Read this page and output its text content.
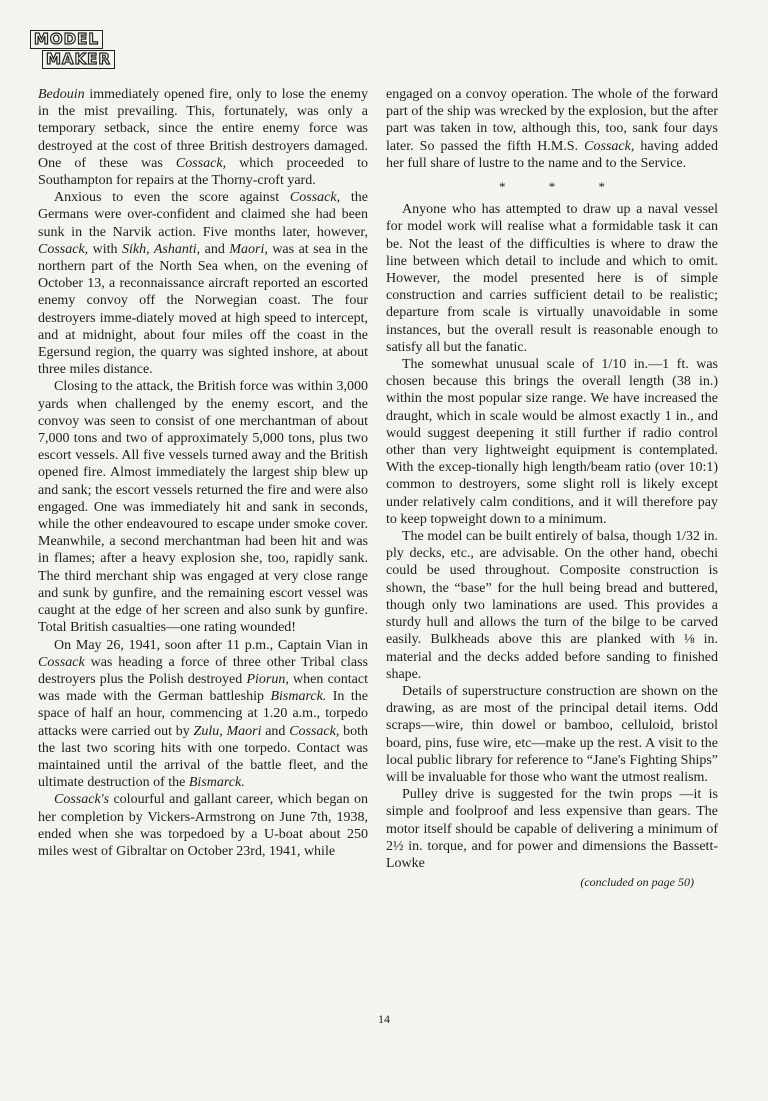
MODEL
MAKER

Bedouin immediately opened fire, only to lose the enemy in the mist prevailing. This, fortunately, was only a temporary setback, since the entire enemy force was destroyed at the cost of three British destroyers damaged. One of these was Cossack, which proceeded to Southampton for repairs at the Thorny-croft yard.

Anxious to even the score against Cossack, the Germans were over-confident and claimed she had been sunk in the Narvik action. Five months later, however, Cossack, with Sikh, Ashanti, and Maori, was at sea in the northern part of the North Sea when, on the evening of October 13, a reconnaissance aircraft reported an escorted enemy convoy off the Norwegian coast. The four destroyers imme-diately moved at high speed to intercept, and at midnight, about four miles off the coast in the Egersund region, the quarry was sighted inshore, at about three miles distance.

Closing to the attack, the British force was within 3,000 yards when challenged by the enemy escort, and the convoy was seen to consist of one merchantman of about 7,000 tons and two of approximately 5,000 tons, plus two escort vessels. All five vessels turned away and the British opened fire. Almost immediately the largest ship blew up and sank; the escort vessels returned the fire and were also engaged. One was immediately hit and sank in seconds, while the other endeavoured to escape under smoke cover. Meanwhile, a second merchantman had been hit and was in flames; after a heavy explosion she, too, rapidly sank. The third merchant ship was engaged at very close range and sunk by gunfire, and the remaining escort vessel was caught at the edge of her screen and also sunk by gunfire. Total British casualties—one rating wounded!

On May 26, 1941, soon after 11 p.m., Captain Vian in Cossack was heading a force of three other Tribal class destroyers plus the Polish destroyed Piorun, when contact was made with the German battleship Bismarck. In the space of half an hour, commencing at 1.20 a.m., torpedo attacks were carried out by Zulu, Maori and Cossack, both the last two scoring hits with one torpedo. Contact was maintained until the arrival of the battle fleet, and the ultimate destruction of the Bismarck.

Cossack's colourful and gallant career, which began on her completion by Vickers-Armstrong on June 7th, 1938, ended when she was torpedoed by a U-boat about 250 miles west of Gibraltar on October 23rd, 1941, while

engaged on a convoy operation. The whole of the forward part of the ship was wrecked by the explosion, but the after part was taken in tow, although this, too, sank four days later. So passed the fifth H.M.S. Cossack, having added her full share of lustre to the name and to the Service.

* * *

Anyone who has attempted to draw up a naval vessel for model work will realise what a formidable task it can be. Not the least of the difficulties is where to draw the line between which detail to include and which to omit. However, the model presented here is of simple construction and carries sufficient detail to be realistic; departure from scale is virtually unavoidable in some instances, but the overall result is reasonable enough to satisfy all but the fanatic.

The somewhat unusual scale of 1/10 in.—1 ft. was chosen because this brings the overall length (38 in.) within the most popular size range. We have increased the draught, which in scale would be almost exactly 1 in., and would suggest deepening it still further if radio control other than very lightweight equipment is contemplated. With the excep-tionally high length/beam ratio (over 10:1) common to destroyers, some slight roll is likely except under relatively calm conditions, and it will therefore pay to keep topweight down to a minimum.

The model can be built entirely of balsa, though 1/32 in. ply decks, etc., are advisable. On the other hand, obechi could be used throughout. Composite construction is shown, the “base” for the hull being bread and buttered, though only two laminations are used. This provides a sturdy hull and allows the turn of the bilge to be carved easily. Bulkheads above this are planked with ⅛ in. material and the decks added before sanding to finished shape.

Details of superstructure construction are shown on the drawing, as are most of the principal detail items. Odd scraps—wire, thin dowel or bamboo, celluloid, bristol board, pins, fuse wire, etc—make up the rest. A visit to the local public library for reference to “Jane's Fighting Ships” will be invaluable for those who want the utmost realism.

Pulley drive is suggested for the twin props —it is simple and foolproof and less expensive than gears. The motor itself should be capable of delivering a minimum of 2½ in. torque, and for power and dimensions the Bassett-Lowke

(concluded on page 50)
14
